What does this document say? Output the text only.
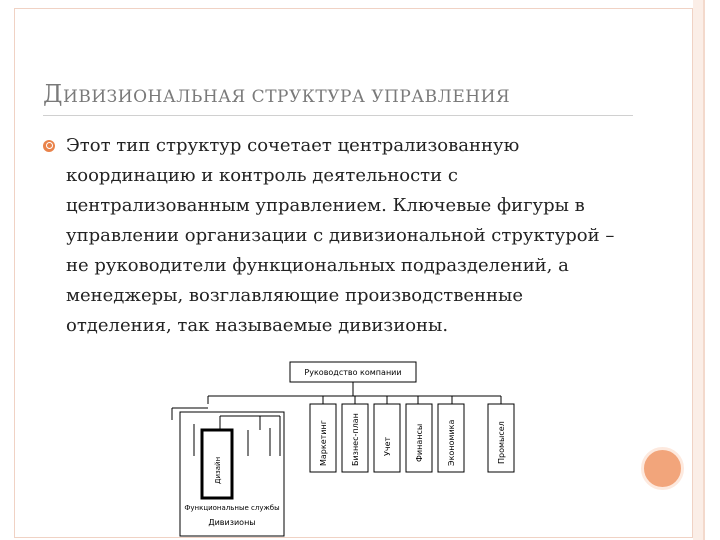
ДИВИЗИОНАЛЬНАЯ СТРУКТУРА УПРАВЛЕНИЯ

Этот тип структур сочетает централизованную координацию и контроль деятельности с централизованным управлением. Ключевые фигуры в управлении организации с дивизиональной структурой – не руководители функциональных подразделений, а менеджеры, возглавляющие производственные отделения, так называемые дивизионы.

Руководство компании
Маркетинг	Бизнес-план	Учет	Финансы	Экономика	Промысел
Дизайн
Функциональные службы
Дивизионы
